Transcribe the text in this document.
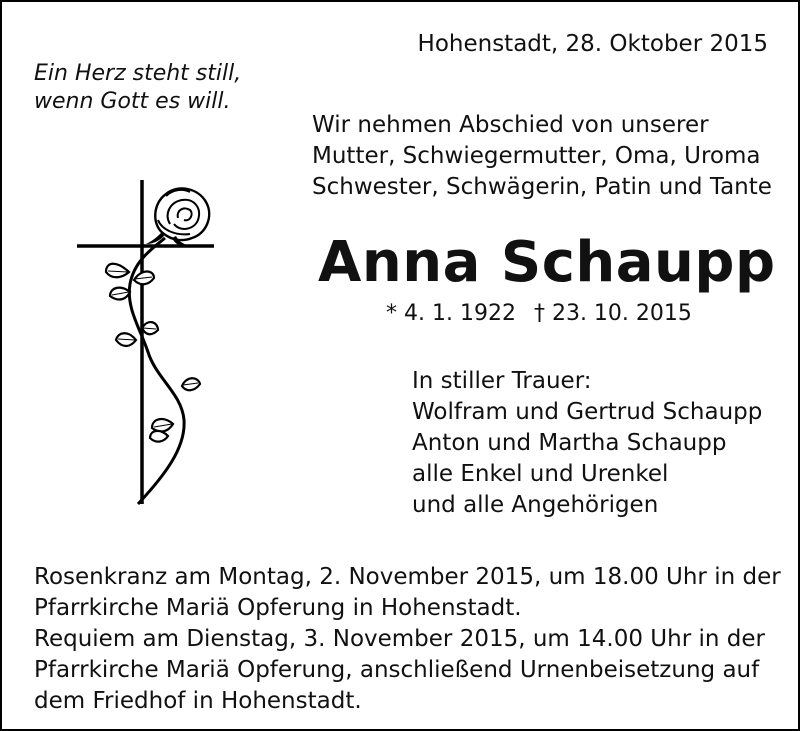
Hohenstadt, 28. Oktober 2015
Ein Herz steht still,
wenn Gott es will.
Wir nehmen Abschied von unserer
Mutter, Schwiegermutter, Oma, Uroma
Schwester, Schwägerin, Patin und Tante
Anna Schaupp
* 4. 1. 1922 † 23. 10. 2015
In stiller Trauer:
Wolfram und Gertrud Schaupp
Anton und Martha Schaupp
alle Enkel und Urenkel
und alle Angehörigen
Rosenkranz am Montag, 2. November 2015, um 18.00 Uhr in der
Pfarrkirche Mariä Opferung in Hohenstadt.
Requiem am Dienstag, 3. November 2015, um 14.00 Uhr in der
Pfarrkirche Mariä Opferung, anschließend Urnenbeisetzung auf
dem Friedhof in Hohenstadt.
